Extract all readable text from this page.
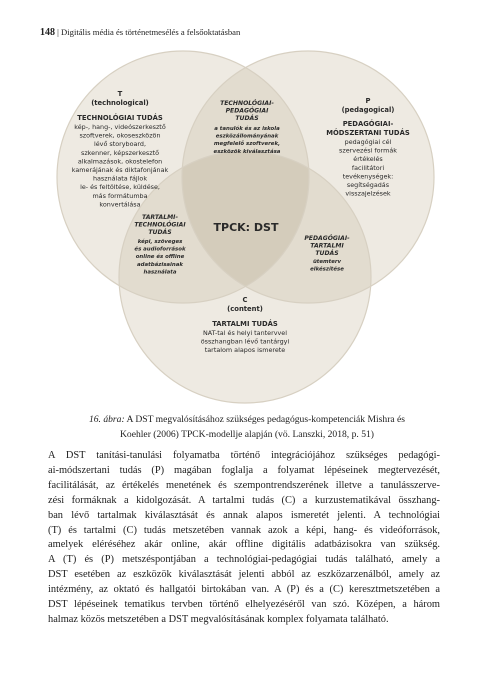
148 | Digitális média és történetmesélés a felsőoktatásban
T
(technological)
TECHNOLÓGIAI TUDÁS
kép-, hang-, videószerkesztő
szoftverek, okoseszközön
lévő storyboard,
szkenner, képszerkesztő
alkalmazások, okostelefon
kamerájának és diktafonjának
használata fájlok
le- és feltöltése, küldése,
más formátumba
konvertálása
P
(pedagogical)
PEDAGÓGIAI-
MÓDSZERTANI TUDÁS
pedagógiai cél
szervezési formák
értékelés
facilitátori
tevékenységek:
segítségadás
visszajelzések
C
(content)
TARTALMI TUDÁS
NAT-tal és helyi tantervvel
összhangban lévő tantárgyi
tartalom alapos ismerete
TECHNOLÓGIAI-
PEDAGÓGIAI
TUDÁS
a tanulók és az iskola
eszközállományának
megfelelő szoftverek,
eszközök kiválasztása
TARTALMI-
TECHNOLÓGIAI
TUDÁS
képi, szöveges
és audioforrások
online és offline
adatbázisainak
használata
PEDAGÓGIAI-
TARTALMI
TUDÁS
ütemterv
elkészítése
TPCK: DST
16. ábra: A DST megvalósításához szükséges pedagógus-kompetenciák Mishra és
Koehler (2006) TPCK-modellje alapján (vö. Lanszki, 2018, p. 51)
A DST tanítási-tanulási folyamatba történő integrációjához szükséges pedagógi-
ai-módszertani tudás (P) magában foglalja a folyamat lépéseinek megtervezését,
facilitálását, az értékelés menetének és szempontrendszerének illetve a tanulásszerve-
zési formáknak a kidolgozását. A tartalmi tudás (C) a kurzustematikával összhang-
ban lévő tartalmak kiválasztását és annak alapos ismeretét jelenti. A technológiai
(T) és tartalmi (C) tudás metszetében vannak azok a képi, hang- és videóforrások,
amelyek eléréséhez akár online, akár offline digitális adatbázisokra van szükség.
A (T) és (P) metszéspontjában a technológiai-pedagógiai tudás található, amely a
DST esetében az eszközök kiválasztását jelenti abból az eszközarzenálból, amely az
intézmény, az oktató és hallgatói birtokában van. A (P) és a (C) keresztmetszetében a
DST lépéseinek tematikus tervben történő elhelyezéséről van szó. Középen, a három
halmaz közös metszetében a DST megvalósításának komplex folyamata található.
